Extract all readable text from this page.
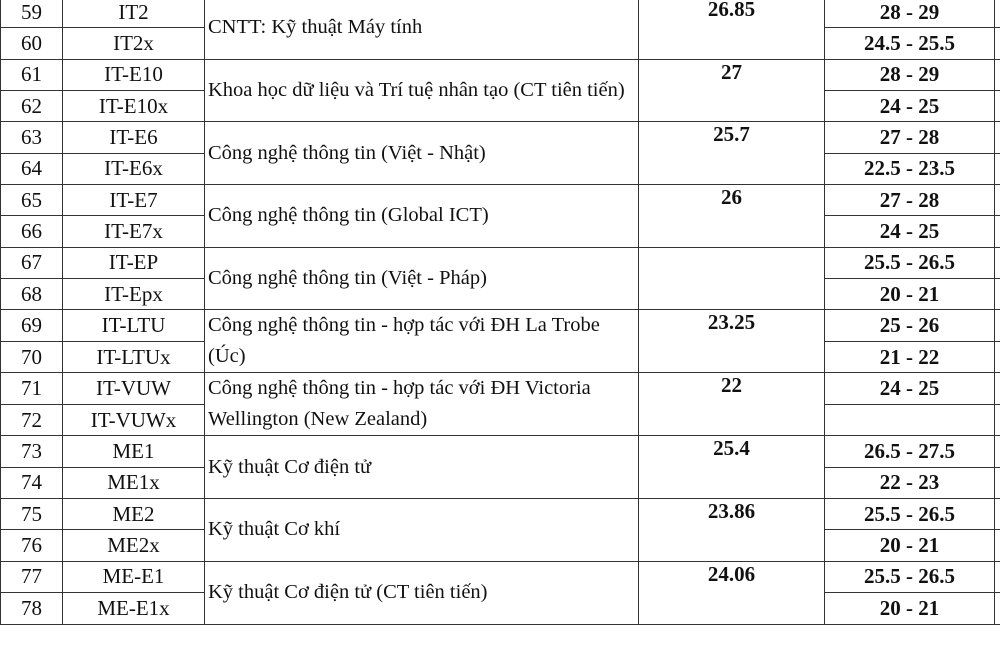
59	IT2	CNTT: Kỹ thuật Máy tính	26.85	28 - 29	
60	IT2x			24.5 - 25.5	
61	IT-E10	Khoa học dữ liệu và Trí tuệ nhân tạo (CT tiên tiến)	27	28 - 29	
62	IT-E10x			24 - 25	
63	IT-E6	Công nghệ thông tin (Việt - Nhật)	25.7	27 - 28	
64	IT-E6x			22.5 - 23.5	
65	IT-E7	Công nghệ thông tin (Global ICT)	26	27 - 28	
66	IT-E7x			24 - 25	
67	IT-EP	Công nghệ thông tin (Việt - Pháp)		25.5 - 26.5	
68	IT-Epx			20 - 21	
69	IT-LTU	Công nghệ thông tin - hợp tác với ĐH La Trobe (Úc)	23.25	25 - 26	
70	IT-LTUx			21 - 22	
71	IT-VUW	Công nghệ thông tin - hợp tác với ĐH Victoria Wellington (New Zealand)	22	24 - 25	
72	IT-VUWx				
73	ME1	Kỹ thuật Cơ điện tử	25.4	26.5 - 27.5	
74	ME1x			22 - 23	
75	ME2	Kỹ thuật Cơ khí	23.86	25.5 - 26.5	
76	ME2x			20 - 21	
77	ME-E1	Kỹ thuật Cơ điện tử (CT tiên tiến)	24.06	25.5 - 26.5	
78	ME-E1x			20 - 21	
